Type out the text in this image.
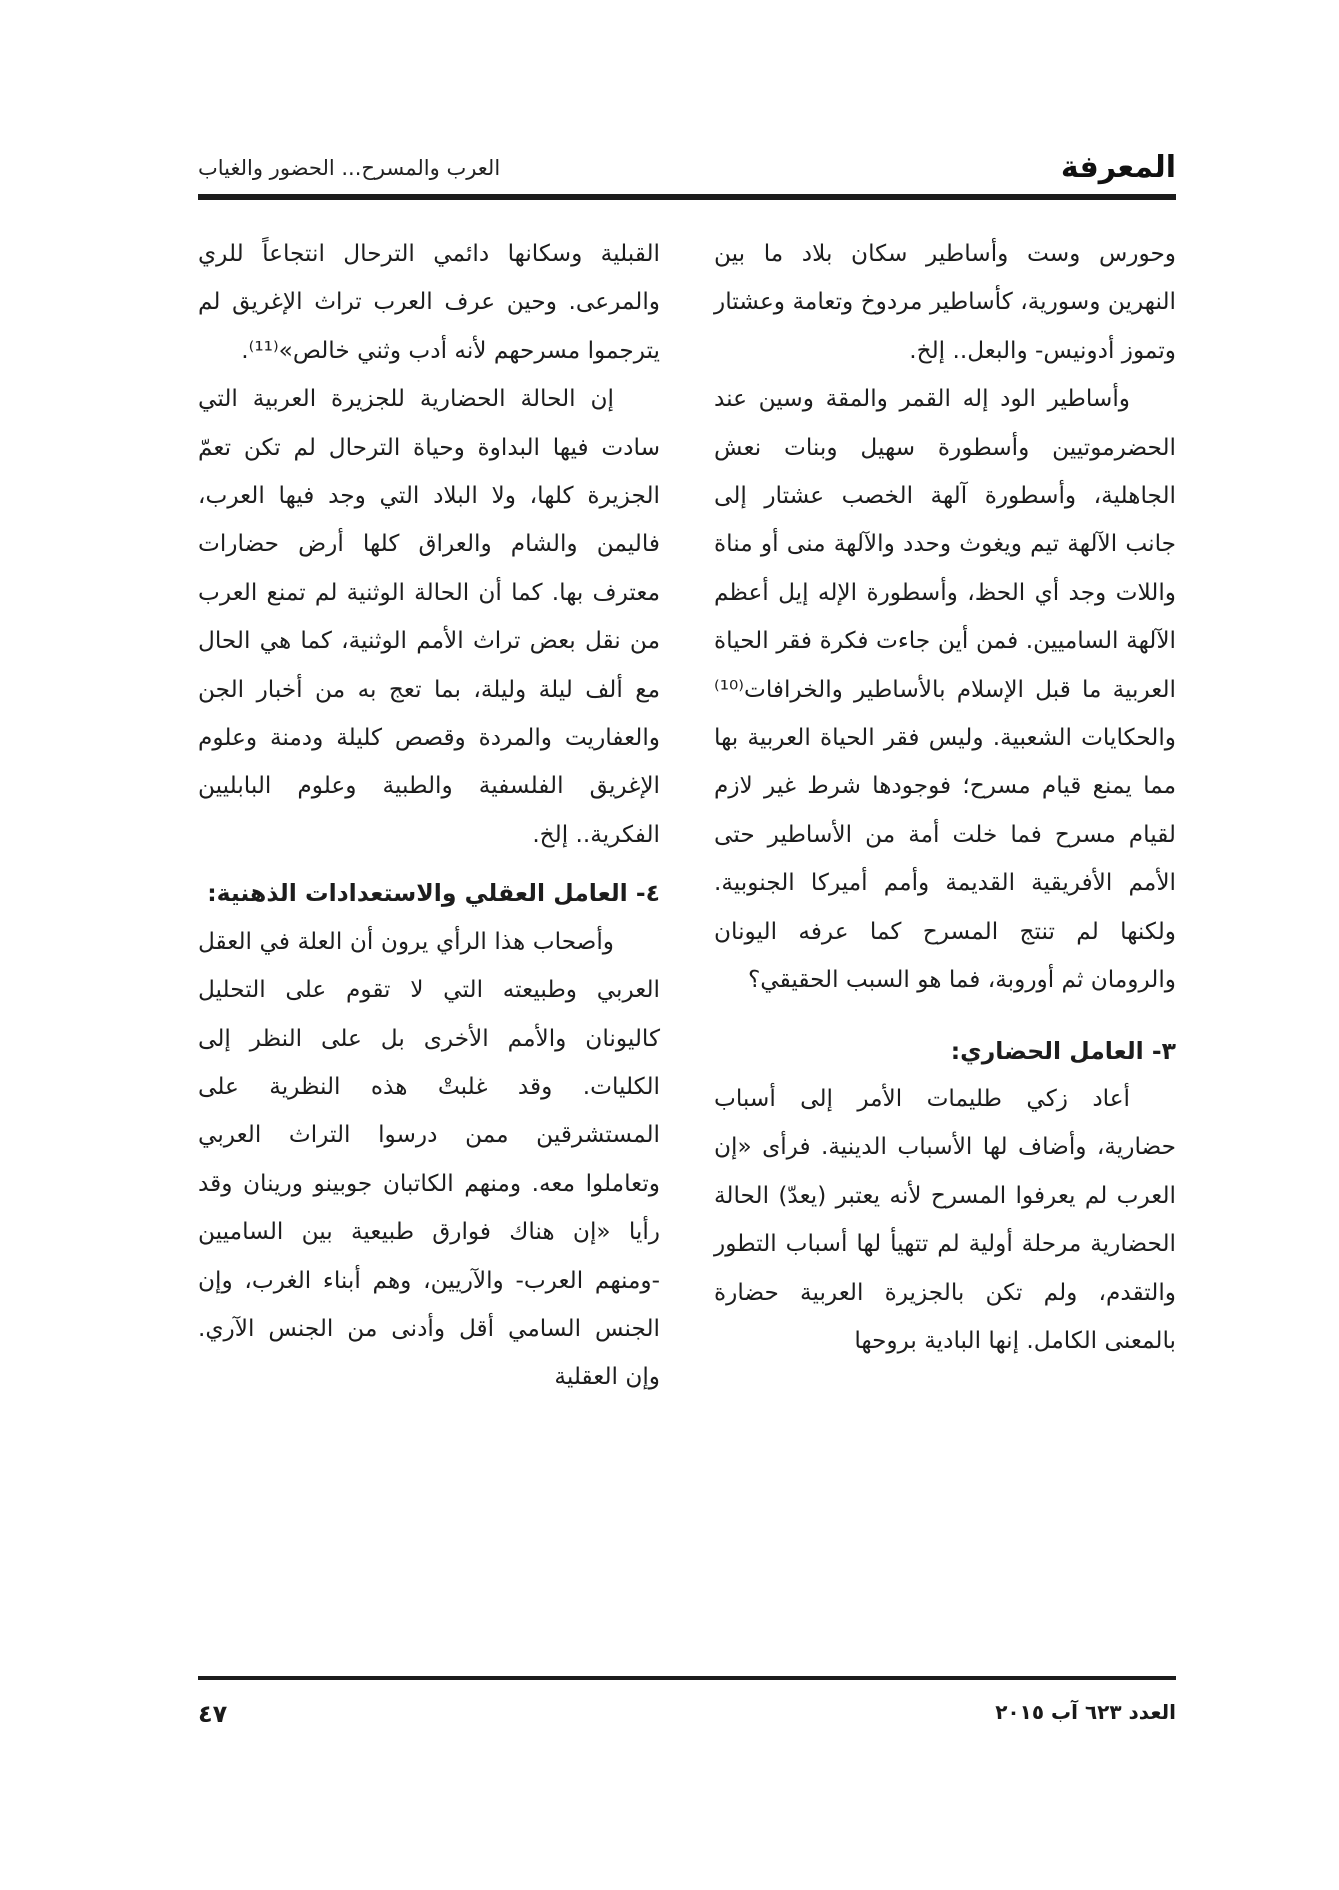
المعرفة
العرب والمسرح... الحضور والغياب

وحورس وست وأساطير سكان بلاد ما بين النهرين وسورية، كأساطير مردوخ وتعامة وعشتار وتموز أدونيس- والبعل.. إلخ.

وأساطير الود إله القمر والمقة وسين عند الحضرموتيين وأسطورة سهيل وبنات نعش الجاهلية، وأسطورة آلهة الخصب عشتار إلى جانب الآلهة تيم ويغوث وحدد والآلهة منى أو مناة واللات وجد أي الحظ، وأسطورة الإله إيل أعظم الآلهة الساميين. فمن أين جاءت فكرة فقر الحياة العربية ما قبل الإسلام بالأساطير والخرافات⁽¹⁰⁾ والحكايات الشعبية. وليس فقر الحياة العربية بها مما يمنع قيام مسرح؛ فوجودها شرط غير لازم لقيام مسرح فما خلت أمة من الأساطير حتى الأمم الأفريقية القديمة وأمم أميركا الجنوبية. ولكنها لم تنتج المسرح كما عرفه اليونان والرومان ثم أوروبة، فما هو السبب الحقيقي؟

٣- العامل الحضاري:

أعاد زكي طليمات الأمر إلى أسباب حضارية، وأضاف لها الأسباب الدينية. فرأى «إن العرب لم يعرفوا المسرح لأنه يعتبر (يعدّ) الحالة الحضارية مرحلة أولية لم تتهيأ لها أسباب التطور والتقدم، ولم تكن بالجزيرة العربية حضارة بالمعنى الكامل. إنها البادية بروحها

القبلية وسكانها دائمي الترحال انتجاعاً للري والمرعى. وحين عرف العرب تراث الإغريق لم يترجموا مسرحهم لأنه أدب وثني خالص»⁽¹¹⁾.

إن الحالة الحضارية للجزيرة العربية التي سادت فيها البداوة وحياة الترحال لم تكن تعمّ الجزيرة كلها، ولا البلاد التي وجد فيها العرب، فاليمن والشام والعراق كلها أرض حضارات معترف بها. كما أن الحالة الوثنية لم تمنع العرب من نقل بعض تراث الأمم الوثنية، كما هي الحال مع ألف ليلة وليلة، بما تعج به من أخبار الجن والعفاريت والمردة وقصص كليلة ودمنة وعلوم الإغريق الفلسفية والطبية وعلوم البابليين الفكرية.. إلخ.

٤- العامل العقلي والاستعدادات الذهنية:

وأصحاب هذا الرأي يرون أن العلة في العقل العربي وطبيعته التي لا تقوم على التحليل كاليونان والأمم الأخرى بل على النظر إلى الكليات. وقد غلبتْ هذه النظرية على المستشرقين ممن درسوا التراث العربي وتعاملوا معه. ومنهم الكاتبان جوبينو ورينان وقد رأيا «إن هناك فوارق طبيعية بين الساميين -ومنهم العرب- والآريين، وهم أبناء الغرب، وإن الجنس السامي أقل وأدنى من الجنس الآري. وإن العقلية

العدد ٦٢٣ آب ٢٠١٥
٤٧
